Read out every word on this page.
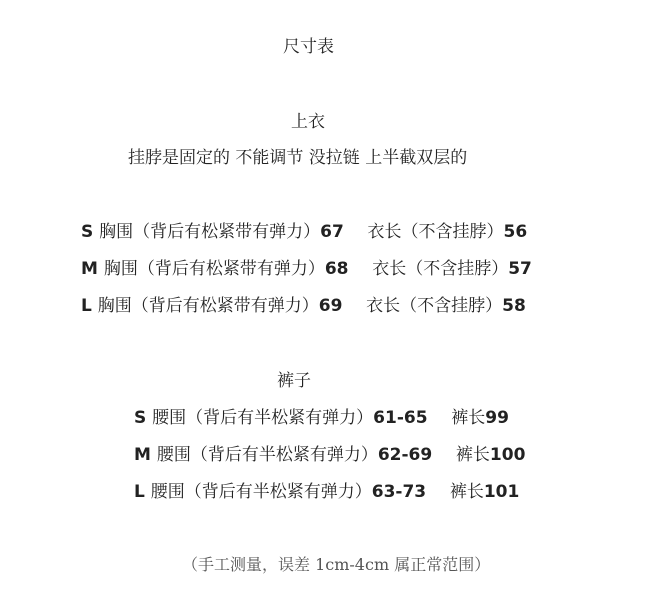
尺寸表
上衣
挂脖是固定的 不能调节 没拉链 上半截双层的
S 胸围（背后有松紧带有弹力）67 衣长（不含挂脖）56
M 胸围（背后有松紧带有弹力）68 衣长（不含挂脖）57
L 胸围（背后有松紧带有弹力）69 衣长（不含挂脖）58
裤子
S 腰围（背后有半松紧有弹力）61-65 裤长99
M 腰围（背后有半松紧有弹力）62-69 裤长100
L 腰围（背后有半松紧有弹力）63-73 裤长101
（手工测量，误差 1cm-4cm 属正常范围）
